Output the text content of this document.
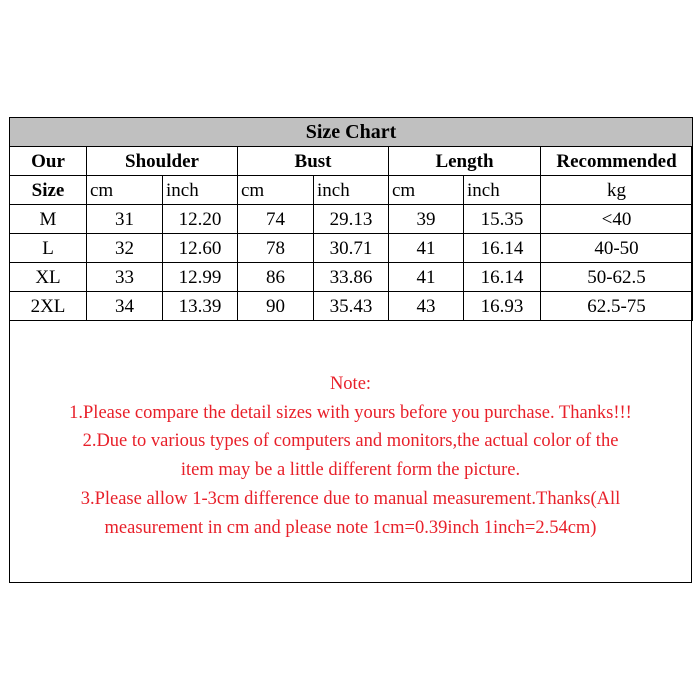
Size Chart							
Our	Shoulder		Bust		Length		Recommended
Size	cm	inch	cm	inch	cm	inch	kg
M	31	12.20	74	29.13	39	15.35	<40
L	32	12.60	78	30.71	41	16.14	40-50
XL	33	12.99	86	33.86	41	16.14	50-62.5
2XL	34	13.39	90	35.43	43	16.93	62.5-75
Note:
1.Please compare the detail sizes with yours before you purchase. Thanks!!!
2.Due to various types of computers and monitors,the actual color of the
item may be a little different form the picture.
3.Please allow 1-3cm difference due to manual measurement.Thanks(All
measurement in cm and please note 1cm=0.39inch 1inch=2.54cm)
